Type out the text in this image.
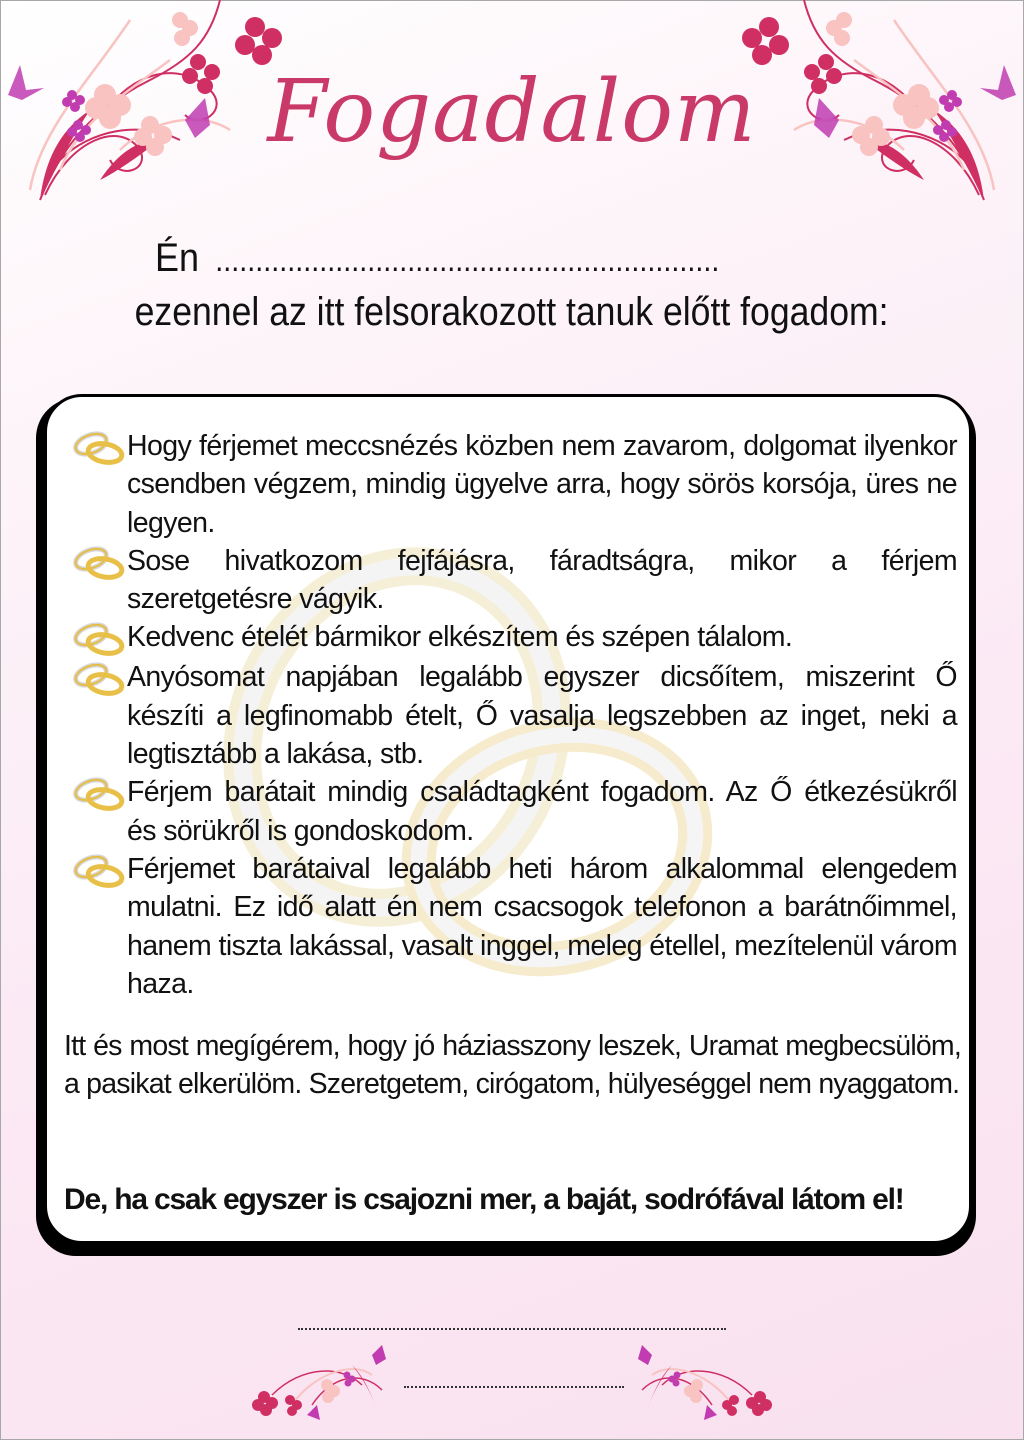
Fogadalom
Én ...............................................................
ezennel az itt felsorakozott tanuk előtt fogadom:
Hogy férjemet meccsnézés közben nem zavarom, dolgomat ilyenkor csendben végzem, mindig ügyelve arra, hogy sörös korsója, üres ne legyen.
Sose hivatkozom fejfájásra, fáradtságra, mikor a férjem szeretgetésre vágyik.
Kedvenc ételét bármikor elkészítem és szépen tálalom.
Anyósomat napjában legalább egyszer dicsőítem, miszerint Ő készíti a legfinomabb ételt, Ő vasalja legszebben az inget, neki a legtisztább a lakása, stb.
Férjem barátait mindig családtagként fogadom. Az Ő étkezésükről és sörükről is gondoskodom.
Férjemet barátaival legalább heti három alkalommal elengedem mulatni. Ez idő alatt én nem csacsogok telefonon a barátnőimmel, hanem tiszta lakással, vasalt inggel, meleg étellel, mezítelenül várom haza.
Itt és most megígérem, hogy jó háziasszony leszek, Uramat megbecsülöm, a pasikat elkerülöm. Szeretgetem, cirógatom, hülyeséggel nem nyaggatom.
De, ha csak egyszer is csajozni mer, a baját, sodrófával látom el!
